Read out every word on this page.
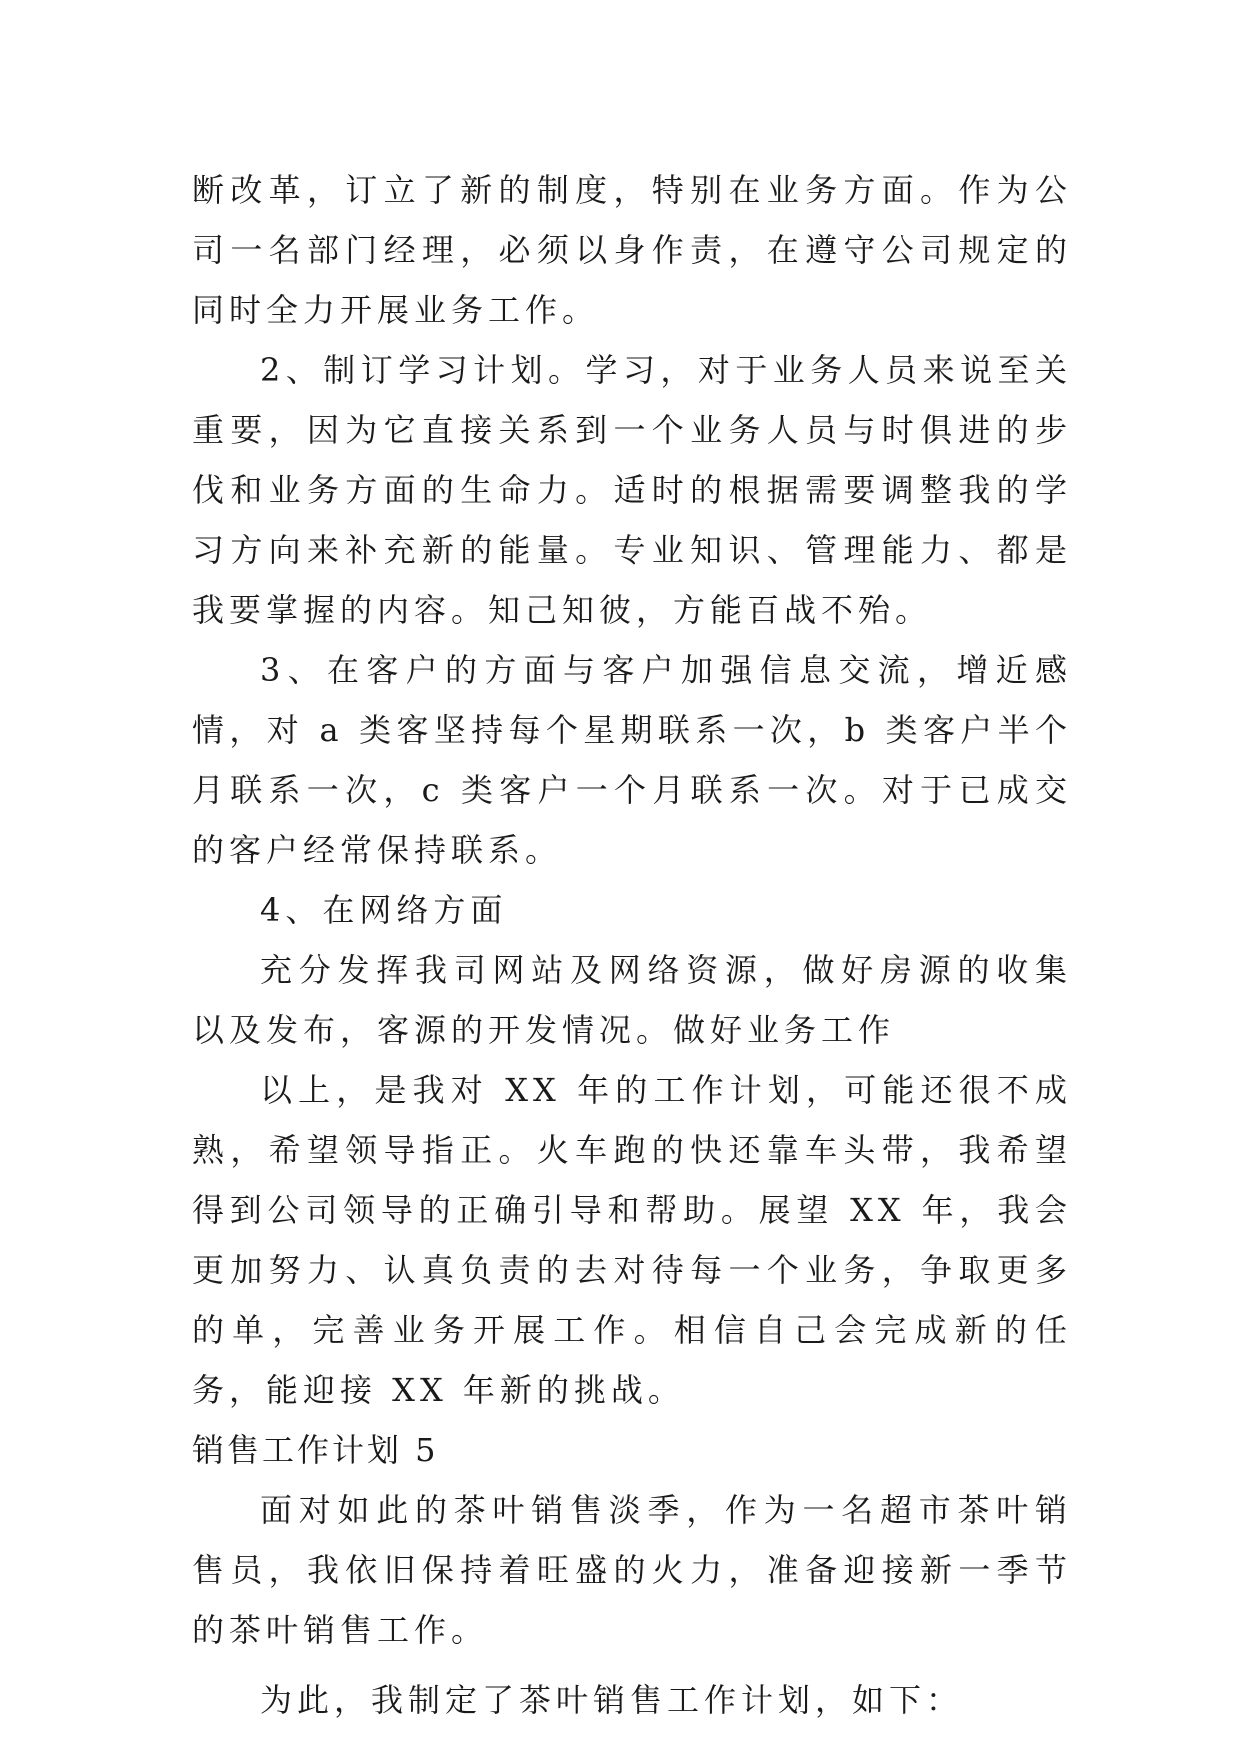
断改革，订立了新的制度，特别在业务方面。作为公司一名部门经理，必须以身作责，在遵守公司规定的同时全力开展业务工作。

2、制订学习计划。学习，对于业务人员来说至关重要，因为它直接关系到一个业务人员与时俱进的步伐和业务方面的生命力。适时的根据需要调整我的学习方向来补充新的能量。专业知识、管理能力、都是我要掌握的内容。知己知彼，方能百战不殆。

3、在客户的方面与客户加强信息交流，增近感情，对 a 类客坚持每个星期联系一次，b 类客户半个月联系一次，c 类客户一个月联系一次。对于已成交的客户经常保持联系。

4、在网络方面

充分发挥我司网站及网络资源，做好房源的收集以及发布，客源的开发情况。做好业务工作

以上，是我对 XX 年的工作计划，可能还很不成熟，希望领导指正。火车跑的快还靠车头带，我希望得到公司领导的正确引导和帮助。展望 XX 年，我会更加努力、认真负责的去对待每一个业务，争取更多的单，完善业务开展工作。相信自己会完成新的任务，能迎接 XX 年新的挑战。

销售工作计划 5

面对如此的茶叶销售淡季，作为一名超市茶叶销售员，我依旧保持着旺盛的火力，准备迎接新一季节的茶叶销售工作。

为此，我制定了茶叶销售工作计划，如下：
